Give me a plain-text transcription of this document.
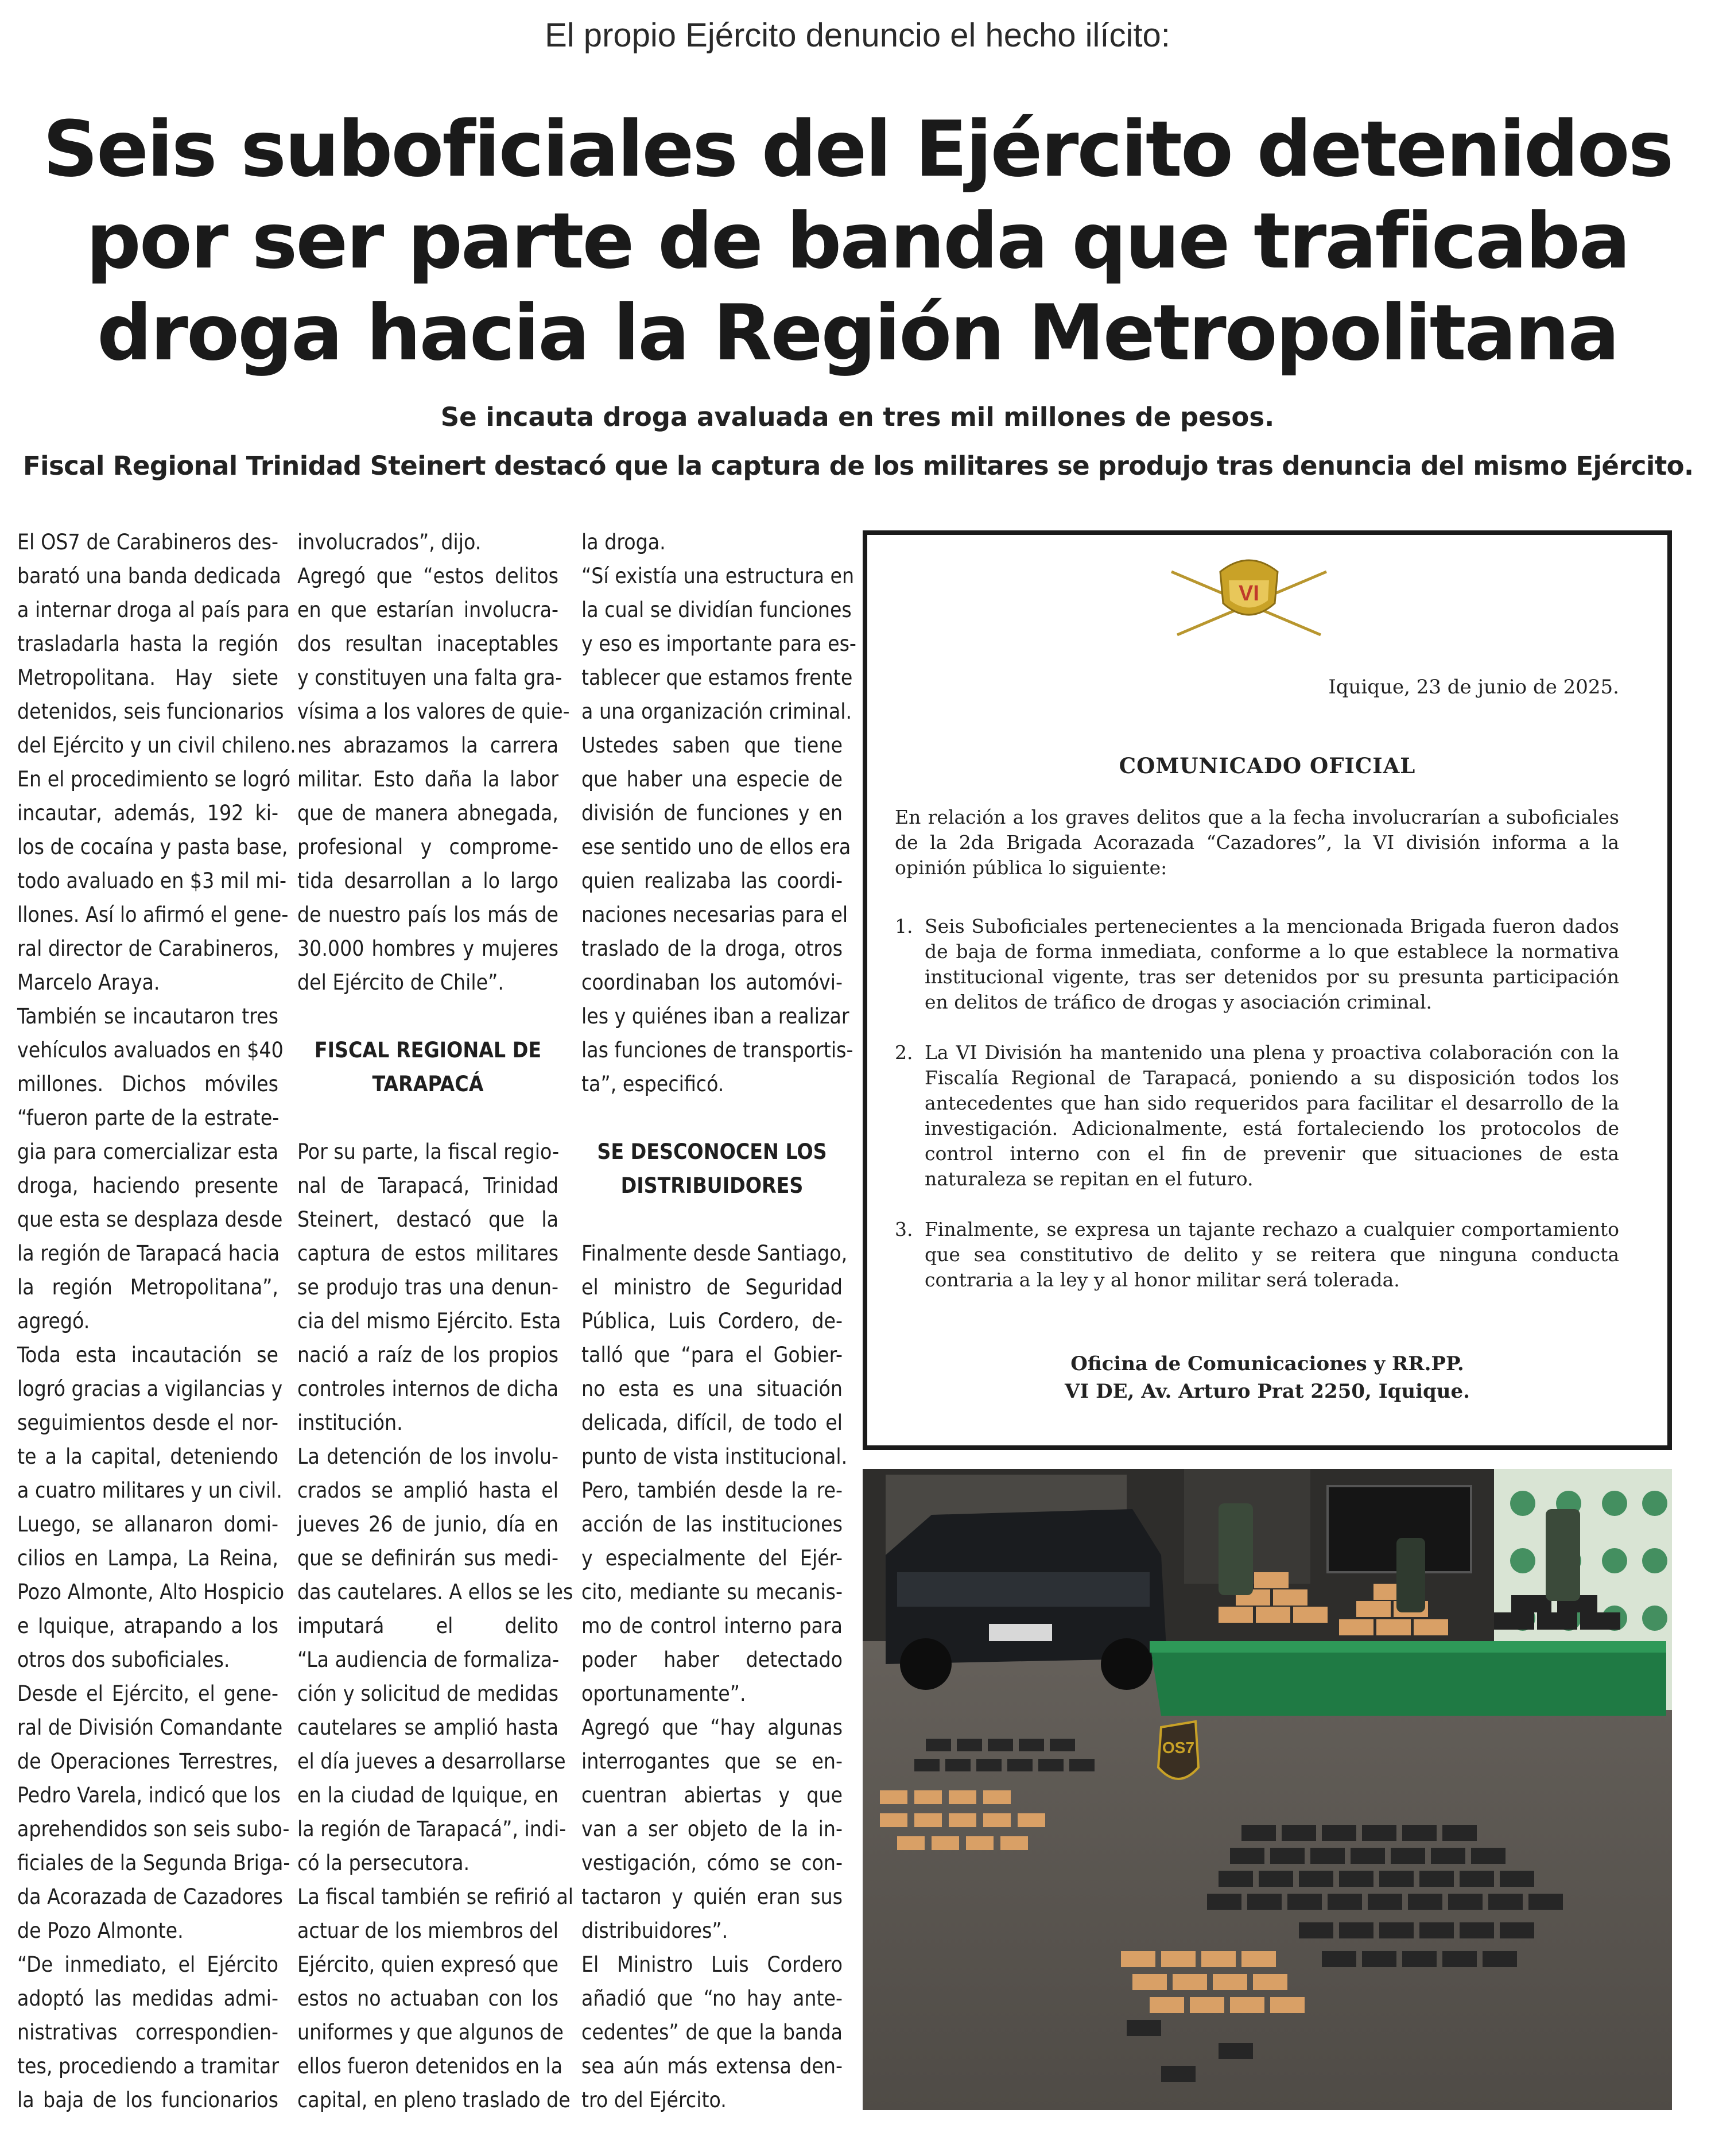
El propio Ejército denuncio el hecho ilícito:
Seis suboficiales del Ejército detenidos
por ser parte de banda que traficaba
droga hacia la Región Metropolitana
Se incauta droga avaluada en tres mil millones de pesos.
Fiscal Regional Trinidad Steinert destacó que la captura de los militares se produjo tras denuncia del mismo Ejército.
El OS7 de Carabineros des-
barató una banda dedicada
a internar droga al país para
trasladarla hasta la región
Metropolitana. Hay siete
detenidos, seis funcionarios
del Ejército y un civil chileno.
En el procedimiento se logró
incautar, además, 192 ki-
los de cocaína y pasta base,
todo avaluado en $3 mil mi-
llones. Así lo afirmó el gene-
ral director de Carabineros,
Marcelo Araya.
También se incautaron tres
vehículos avaluados en $40
millones. Dichos móviles
“fueron parte de la estrate-
gia para comercializar esta
droga, haciendo presente
que esta se desplaza desde
la región de Tarapacá hacia
la región Metropolitana”,
agregó.
Toda esta incautación se
logró gracias a vigilancias y
seguimientos desde el nor-
te a la capital, deteniendo
a cuatro militares y un civil.
Luego, se allanaron domi-
cilios en Lampa, La Reina,
Pozo Almonte, Alto Hospicio
e Iquique, atrapando a los
otros dos suboficiales.
Desde el Ejército, el gene-
ral de División Comandante
de Operaciones Terrestres,
Pedro Varela, indicó que los
aprehendidos son seis subo-
ficiales de la Segunda Briga-
da Acorazada de Cazadores
de Pozo Almonte.
“De inmediato, el Ejército
adoptó las medidas admi-
nistrativas correspondien-
tes, procediendo a tramitar
la baja de los funcionarios
involucrados”, dijo.
Agregó que “estos delitos
en que estarían involucra-
dos resultan inaceptables
y constituyen una falta gra-
vísima a los valores de quie-
nes abrazamos la carrera
militar. Esto daña la labor
que de manera abnegada,
profesional y comprome-
tida desarrollan a lo largo
de nuestro país los más de
30.000 hombres y mujeres
del Ejército de Chile”.
FISCAL REGIONAL DE
TARAPACÁ
Por su parte, la fiscal regio-
nal de Tarapacá, Trinidad
Steinert, destacó que la
captura de estos militares
se produjo tras una denun-
cia del mismo Ejército. Esta
nació a raíz de los propios
controles internos de dicha
institución.
La detención de los involu-
crados se amplió hasta el
jueves 26 de junio, día en
que se definirán sus medi-
das cautelares. A ellos se les
imputará el delito
“La audiencia de formaliza-
ción y solicitud de medidas
cautelares se amplió hasta
el día jueves a desarrollarse
en la ciudad de Iquique, en
la región de Tarapacá”, indi-
có la persecutora.
La fiscal también se refirió al
actuar de los miembros del
Ejército, quien expresó que
estos no actuaban con los
uniformes y que algunos de
ellos fueron detenidos en la
capital, en pleno traslado de
la droga.
“Sí existía una estructura en
la cual se dividían funciones
y eso es importante para es-
tablecer que estamos frente
a una organización criminal.
Ustedes saben que tiene
que haber una especie de
división de funciones y en
ese sentido uno de ellos era
quien realizaba las coordi-
naciones necesarias para el
traslado de la droga, otros
coordinaban los automóvi-
les y quiénes iban a realizar
las funciones de transportis-
ta”, especificó.
SE DESCONOCEN LOS
DISTRIBUIDORES
Finalmente desde Santiago,
el ministro de Seguridad
Pública, Luis Cordero, de-
talló que “para el Gobier-
no esta es una situación
delicada, difícil, de todo el
punto de vista institucional.
Pero, también desde la re-
acción de las instituciones
y especialmente del Ejér-
cito, mediante su mecanis-
mo de control interno para
poder haber detectado
oportunamente”.
Agregó que “hay algunas
interrogantes que se en-
cuentran abiertas y que
van a ser objeto de la in-
vestigación, cómo se con-
tactaron y quién eran sus
distribuidores”.
El Ministro Luis Cordero
añadió que “no hay ante-
cedentes” de que la banda
sea aún más extensa den-
tro del Ejército.
VI
Iquique, 23 de junio de 2025.
COMUNICADO OFICIAL
En relación a los graves delitos que a la fecha involucrarían a suboficiales de la 2da Brigada Acorazada “Cazadores”, la VI división informa a la opinión pública lo siguiente:
1. Seis Suboficiales pertenecientes a la mencionada Brigada fueron dados de baja de forma inmediata, conforme a lo que establece la normativa institucional vigente, tras ser detenidos por su presunta participación en delitos de tráfico de drogas y asociación criminal.
2. La VI División ha mantenido una plena y proactiva colaboración con la Fiscalía Regional de Tarapacá, poniendo a su disposición todos los antecedentes que han sido requeridos para facilitar el desarrollo de la investigación. Adicionalmente, está fortaleciendo los protocolos de control interno con el fin de prevenir que situaciones de esta naturaleza se repitan en el futuro.
3. Finalmente, se expresa un tajante rechazo a cualquier comportamiento que sea constitutivo de delito y se reitera que ninguna conducta contraria a la ley y al honor militar será tolerada.
Oficina de Comunicaciones y RR.PP.
VI DE, Av. Arturo Prat 2250, Iquique.
OS7
